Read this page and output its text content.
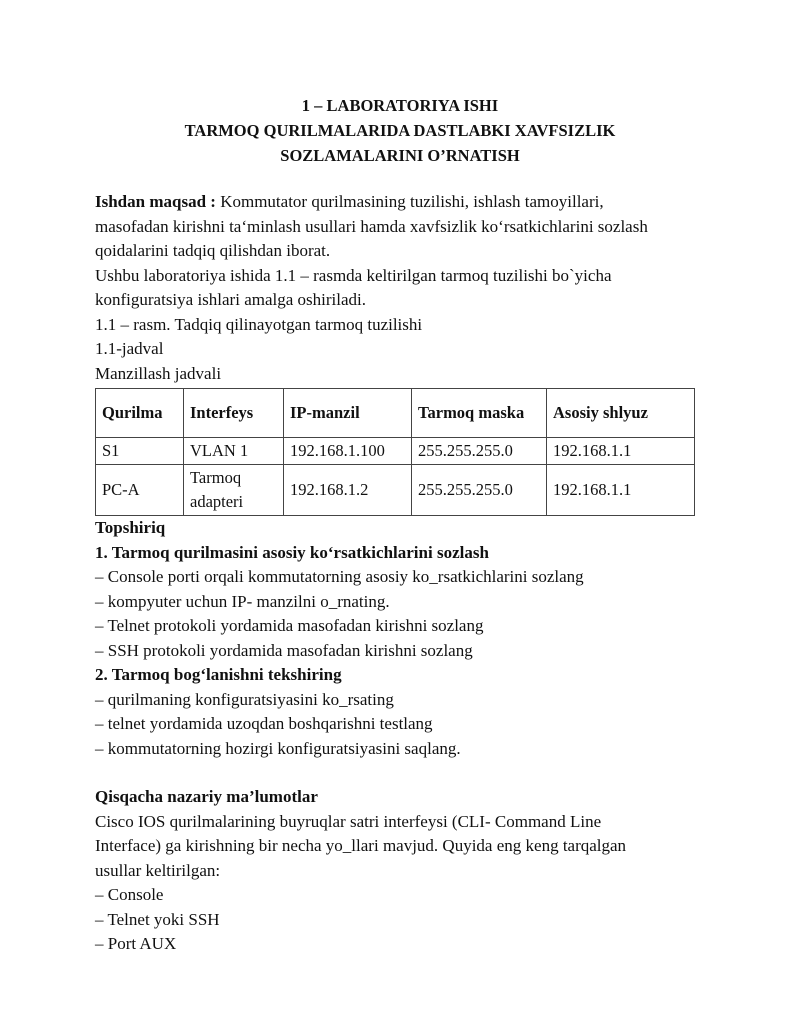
1 – LABORATORIYA ISHI
TARMOQ QURILMALARIDA DASTLABKI XAVFSIZLIK
SOZLAMALARINI O’RNATISH

Ishdan maqsad : Kommutator qurilmasining tuzilishi, ishlash tamoyillari,

masofadan kirishni ta‘minlash usullari hamda xavfsizlik ko‘rsatkichlarini sozlash

qoidalarini tadqiq qilishdan iborat.

Ushbu laboratoriya ishida 1.1 – rasmda keltirilgan tarmoq tuzilishi bo`yicha

konfiguratsiya ishlari amalga oshiriladi.

1.1 – rasm. Tadqiq qilinayotgan tarmoq tuzilishi

1.1-jadval

Manzillash jadvali

Qurilma	Interfeys	IP-manzil	Tarmoq maska	Asosiy shlyuz
S1	VLAN 1	192.168.1.100	255.255.255.0	192.168.1.1
PC-A	Tarmoq adapteri	192.168.1.2	255.255.255.0	192.168.1.1

Topshiriq

1. Tarmoq qurilmasini asosiy ko‘rsatkichlarini sozlash

– Console porti orqali kommutatorning asosiy ko_rsatkichlarini sozlang

– kompyuter uchun IP- manzilni o_rnating.

– Telnet protokoli yordamida masofadan kirishni sozlang

– SSH protokoli yordamida masofadan kirishni sozlang

2. Tarmoq bog‘lanishni tekshiring

– qurilmaning konfiguratsiyasini ko_rsating

– telnet yordamida uzoqdan boshqarishni testlang

– kommutatorning hozirgi konfiguratsiyasini saqlang.

Qisqacha nazariy ma’lumotlar

Cisco IOS qurilmalarining buyruqlar satri interfeysi (CLI- Command Line

Interface) ga kirishning bir necha yo_llari mavjud. Quyida eng keng tarqalgan

usullar keltirilgan:

– Console

– Telnet yoki SSH

– Port AUX
